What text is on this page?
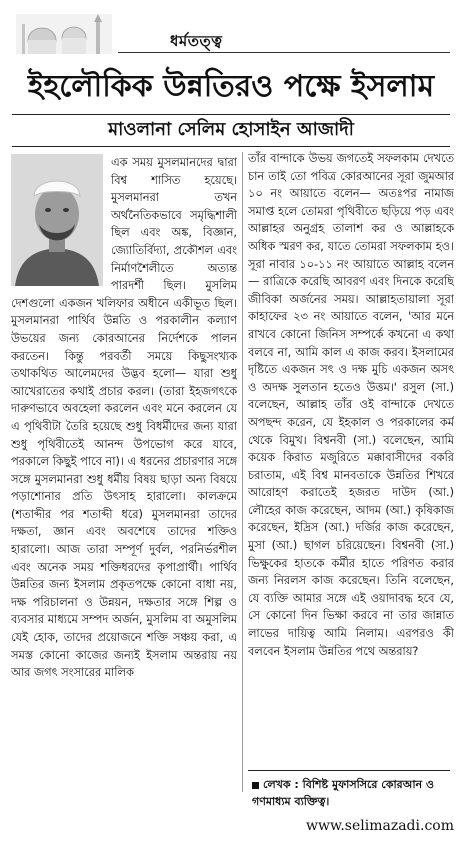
ধর্মতত্ত্ব
ইহলৌকিক উন্নতিরও পক্ষে ইসলাম
মাওলানা সেলিম হোসাইন আজাদী
এক সময় মুসলমানদের দ্বারা বিশ্ব শাসিত হয়েছে। মুসলমানরা তখন অর্থনৈতিকভাবে সমৃদ্ধিশালী ছিল এবং অঙ্ক, বিজ্ঞান, জ্যোতির্বিদ্যা, প্রকৌশল এবং নির্মাণশৈলীতে অত্যন্ত পারদর্শী ছিল। মুসলিম দেশগুলো একজন খলিফার অধীনে একীভূত ছিল। মুসলমানরা পার্থিব উন্নতি ও পরকালীন কল্যাণ উভয়ের জন্য কোরআনের নির্দেশকে পালন করতেন। কিন্তু পরবর্তী সময়ে কিছুসংখ্যক তথাকথিত আলেমদের উদ্ভব হলো— যারা শুধু আখেরাতের কথাই প্রচার করল। (তারা ইহজগৎকে দারুণভাবে অবহেলা করলেন এবং মনে করলেন যে এ পৃথিবীটা তৈরি হয়েছে শুধু বিধর্মীদের জন্য যারা শুধু পৃথিবীতেই আনন্দ উপভোগ করে যাবে, পরকালে কিছুই পাবে না)। এ ধরনের প্রচারণার সঙ্গে সঙ্গে মুসলমানরা শুধু ধর্মীয় বিষয় ছাড়া অন্য বিষয়ে পড়াশোনার প্রতি উৎসাহ হারালো। কালক্রমে (শতাব্দীর পর শতাব্দী ধরে) মুসলমানরা তাদের দক্ষতা, জ্ঞান এবং অবশেষে তাদের শক্তিও হারালো। আজ তারা সম্পূর্ণ দুর্বল, পরনির্ভরশীল এবং অনেক সময় শক্তিধরদের কৃপাপ্রার্থী। পার্থিব উন্নতির জন্য ইসলাম প্রকৃতপক্ষে কোনো বাধা নয়, দক্ষ পরিচালনা ও উন্নয়ন, দক্ষতার সঙ্গে শিল্প ও ব্যবসার মাধ্যমে সম্পদ অর্জন, মুসলিম বা অমুসলিম যেই হোক, তাদের প্রয়োজনে শক্তি সঞ্চয় করা, এ সমস্ত কোনো কাজের জন্যই ইসলাম অন্তরায় নয় আর জগৎ সংসারের মালিক
তাঁর বান্দাকে উভয় জগতেই সফলকাম দেখতে চান তাই তো পবিত্র কোরআনের সূরা জুমআর ১০ নং আয়াতে বলেন— অতঃপর নামাজ সমাপ্ত হলে তোমরা পৃথিবীতে ছড়িয়ে পড় এবং আল্লাহর অনুগ্রহ তালাশ কর ও আল্লাহকে অধিক স্মরণ কর, যাতে তোমরা সফলকাম হও। সূরা নাবার ১০-১১ নং আয়াতে আল্লাহ বলেন— রাত্রিকে করেছি আবরণ এবং দিনকে করেছি জীবিকা অর্জনের সময়। আল্লাহতায়ালা সূরা কাহাফের ২৩ নং আয়াতে বলেন, 'আর মনে রাখবে কোনো জিনিস সম্পর্কে কখনো এ কথা বলবে না, আমি কাল এ কাজ করব। ইসলামের দৃষ্টিতে একজন সৎ ও দক্ষ মুচি একজন অসৎ ও অদক্ষ সুলতান হতেও উত্তম।' রসুল (সা.) বলেছেন, আল্লাহ তাঁর ওই বান্দাকে দেখতে অপছন্দ করেন, যে ইহকাল ও পরকালের কর্ম থেকে বিমুখ। বিশ্বনবী (সা.) বলেছেন, আমি কয়েক কিরাত মজুরিতে মক্কাবাসীদের বকরি চরাতাম, এই বিশ্ব মানবতাকে উন্নতির শিখরে আরোহণ করাতেই হজরত দাউদ (আ.) লৌহের কাজ করেছেন, আদম (আ.) কৃষিকাজ করেছেন, ইদ্রিস (আ.) দর্জির কাজ করেছেন, মুসা (আ.) ছাগল চরিয়েছেন। বিশ্বনবী (সা.) ভিক্ষুকের হাতকে কর্মীর হাতে পরিণত করার জন্য নিরলস কাজ করেছেন। তিনি বলেছেন, যে ব্যক্তি আমার সঙ্গে এই ওয়াদাবদ্ধ হবে যে, সে কোনো দিন ভিক্ষা করবে না তার জান্নাত লাভের দায়িত্ব আমি নিলাম। এরপরও কী বলবেন ইসলাম উন্নতির পথে অন্তরায়?
লেখক : বিশিষ্ট মুফাসসিরে কোরআন ও গণমাধ্যম ব্যক্তিত্ব।
www.selimazadi.com
